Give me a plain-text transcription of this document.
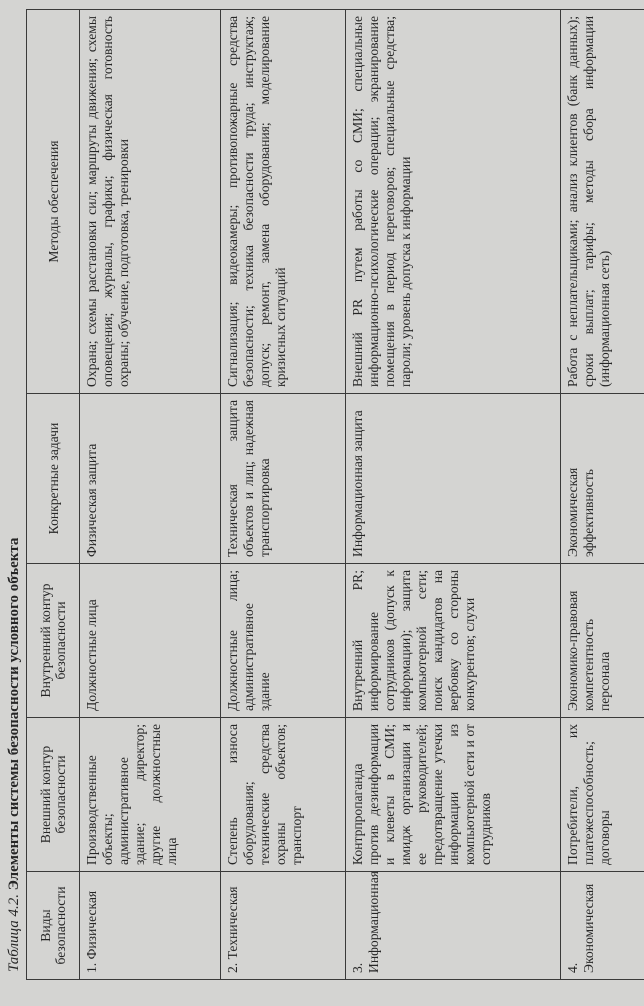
Таблица 4.2. Элементы системы безопасности условного объекта
Виды безопасности	Внешний контур безопасности	Внутренний контур безопасности	Конкретные задачи	Методы обеспечения
1. Физическая	Производственные объекты; административное здание; директор; другие должностные лица	Должностные лица	Физическая защита	Охрана; схемы расстановки сил; маршруты движения; схемы оповещения; журналы, графики; физическая готовность охраны; обучение, подготовка, тренировки
2. Техническая	Степень износа оборудования; технические средства охраны объектов; транспорт	Должностные лица; административное здание	Техническая защита объектов и лиц; надежная транспортировка	Сигнализация; видеокамеры; противопожарные средства безопасности; техника безопасности труда; инструктаж; допуск; ремонт, замена оборудования; моделирование кризисных ситуаций
3. Информационная	Контрпропаганда против дезинформации и клеветы в СМИ; имидж организации и ее руководителей; предотвращение утечки информации из компьютерной сети и от сотрудников	Внутренний PR; информирование сотрудников (допуск к информации); защита компьютерной сети; поиск кандидатов на вербовку со стороны конкурентов; слухи	Информационная защита	Внешний PR путем работы со СМИ; специальные информационно-психологические операции; экранирование помещения в период переговоров; специальные средства; пароли; уровень допуска к информации
4. Экономическая	Потребители, их платежеспособность; договоры	Экономико-правовая компетентность персонала	Экономическая эффективность	Работа с неплательщиками; анализ клиентов (банк данных); сроки выплат; тарифы; методы сбора информации (информационная сеть)
